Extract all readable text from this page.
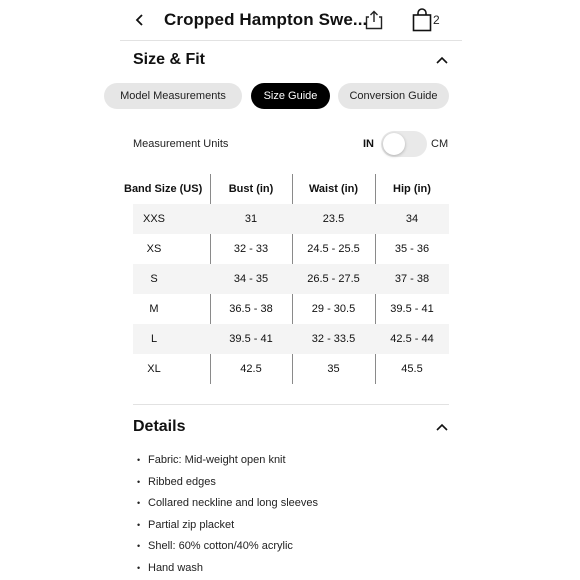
Cropped Hampton Swe...	2
Size & Fit
Model Measurements	Size Guide	Conversion Guide
Measurement Units	IN	CM
Band Size (US)	Bust (in)	Waist (in)	Hip (in)
XXS	31	23.5	34
XS	32 - 33	24.5 - 25.5	35 - 36
S	34 - 35	26.5 - 27.5	37 - 38
M	36.5 - 38	29 - 30.5	39.5 - 41
L	39.5 - 41	32 - 33.5	42.5 - 44
XL	42.5	35	45.5
Details
• Fabric: Mid-weight open knit
• Ribbed edges
• Collared neckline and long sleeves
• Partial zip placket
• Shell: 60% cotton/40% acrylic
• Hand wash
